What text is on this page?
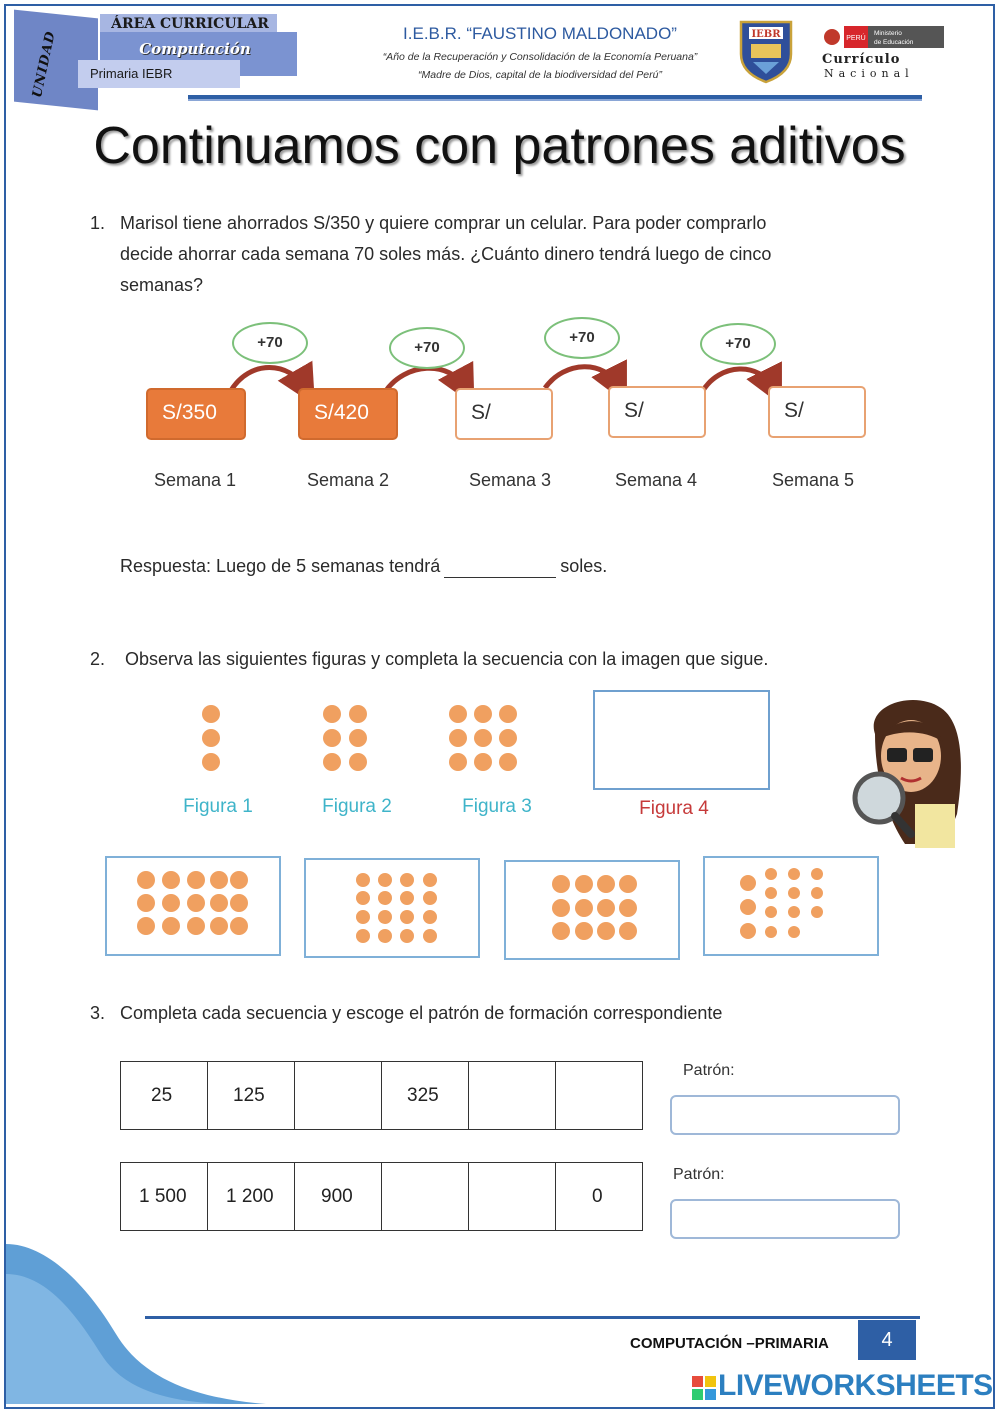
UNIDAD
ÁREA CURRICULAR
Computación
Primaria IEBR
I.E.B.R. “FAUSTINO MALDONADO”
“Año de la Recuperación y Consolidación de la Economía Peruana”
“Madre de Dios, capital de la biodiversidad del Perú”
IEBR	PERÚ
Ministerio
de Educación
Currículo
Nacional
Continuamos con patrones aditivos
1. Marisol tiene ahorrados S/350 y quiere comprar un celular. Para poder comprarlo
decide ahorrar cada semana 70 soles más. ¿Cuánto dinero tendrá luego de cinco
semanas?
+70	+70
+70	+70
S/350	S/420	S/	S/	S/
Semana 1	Semana 2	Semana 3	Semana 4	Semana 5
Respuesta: Luego de 5 semanas tendrá	soles.
2. Observa las siguientes figuras y completa la secuencia con la imagen que sigue.
Figura 1	Figura 2	Figura 3	Figura 4
3. Completa cada secuencia y escoge el patrón de formación correspondiente
25	125		325		
1 500	1 200	900			0
Patrón:
Patrón:
COMPUTACIÓN –PRIMARIA	4
LIVEWORKSHEETS
